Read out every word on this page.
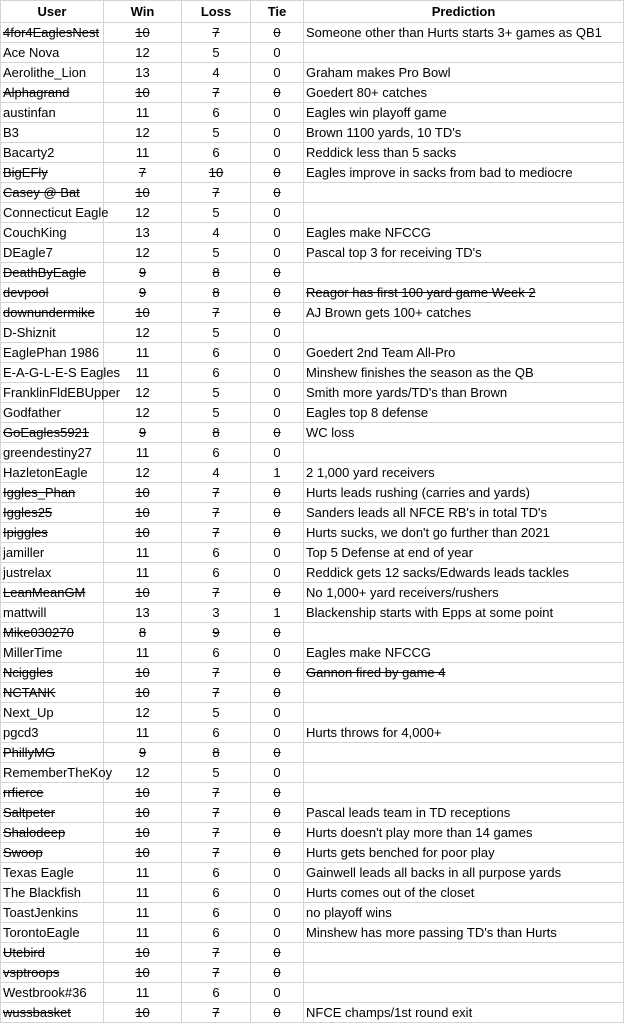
User	Win	Loss	Tie	Prediction
4for4EaglesNest	10	7	0	Someone other than Hurts starts 3+ games as QB1
Ace Nova	12	5	0	
Aerolithe_Lion	13	4	0	Graham makes Pro Bowl
Alphagrand	10	7	0	Goedert 80+ catches
austinfan	11	6	0	Eagles win playoff game
B3	12	5	0	Brown 1100 yards, 10 TD's
Bacarty2	11	6	0	Reddick less than 5 sacks
BigEFly	7	10	0	Eagles improve in sacks from bad to mediocre
Casey @ Bat	10	7	0	
Connecticut Eagle	12	5	0	
CouchKing	13	4	0	Eagles make NFCCG
DEagle7	12	5	0	Pascal top 3 for receiving TD's
DeathByEagle	9	8	0	
devpool	9	8	0	Reagor has first 100 yard game Week 2
downundermike	10	7	0	AJ Brown gets 100+ catches
D-Shiznit	12	5	0	
EaglePhan 1986	11	6	0	Goedert 2nd Team All-Pro
E-A-G-L-E-S Eagles	11	6	0	Minshew finishes the season as the QB
FranklinFldEBUpper	12	5	0	Smith more yards/TD's than Brown
Godfather	12	5	0	Eagles top 8 defense
GoEagles5921	9	8	0	WC loss
greendestiny27	11	6	0	
HazletonEagle	12	4	1	2 1,000 yard receivers
Iggles_Phan	10	7	0	Hurts leads rushing (carries and yards)
Iggles25	10	7	0	Sanders leads all NFCE RB's in total TD's
Ipiggles	10	7	0	Hurts sucks, we don't go further than 2021
jamiller	11	6	0	Top 5 Defense at end of year
justrelax	11	6	0	Reddick gets 12 sacks/Edwards leads tackles
LeanMeanGM	10	7	0	No 1,000+ yard receivers/rushers
mattwill	13	3	1	Blackenship starts with Epps at some point
Mike030270	8	9	0	
MillerTime	11	6	0	Eagles make NFCCG
Nciggles	10	7	0	Gannon fired by game 4
NCTANK	10	7	0	
Next_Up	12	5	0	
pgcd3	11	6	0	Hurts throws for 4,000+
PhillyMG	9	8	0	
RememberTheKoy	12	5	0	
rrfierce	10	7	0	
Saltpeter	10	7	0	Pascal leads team in TD receptions
Shalodeep	10	7	0	Hurts doesn't play more than 14 games
Swoop	10	7	0	Hurts gets benched for poor play
Texas Eagle	11	6	0	Gainwell leads all backs in all purpose yards
The Blackfish	11	6	0	Hurts comes out of the closet
ToastJenkins	11	6	0	no playoff wins
TorontoEagle	11	6	0	Minshew has more passing TD's than Hurts
Utebird	10	7	0	
vsptroops	10	7	0	
Westbrook#36	11	6	0	
wussbasket	10	7	0	NFCE champs/1st round exit
